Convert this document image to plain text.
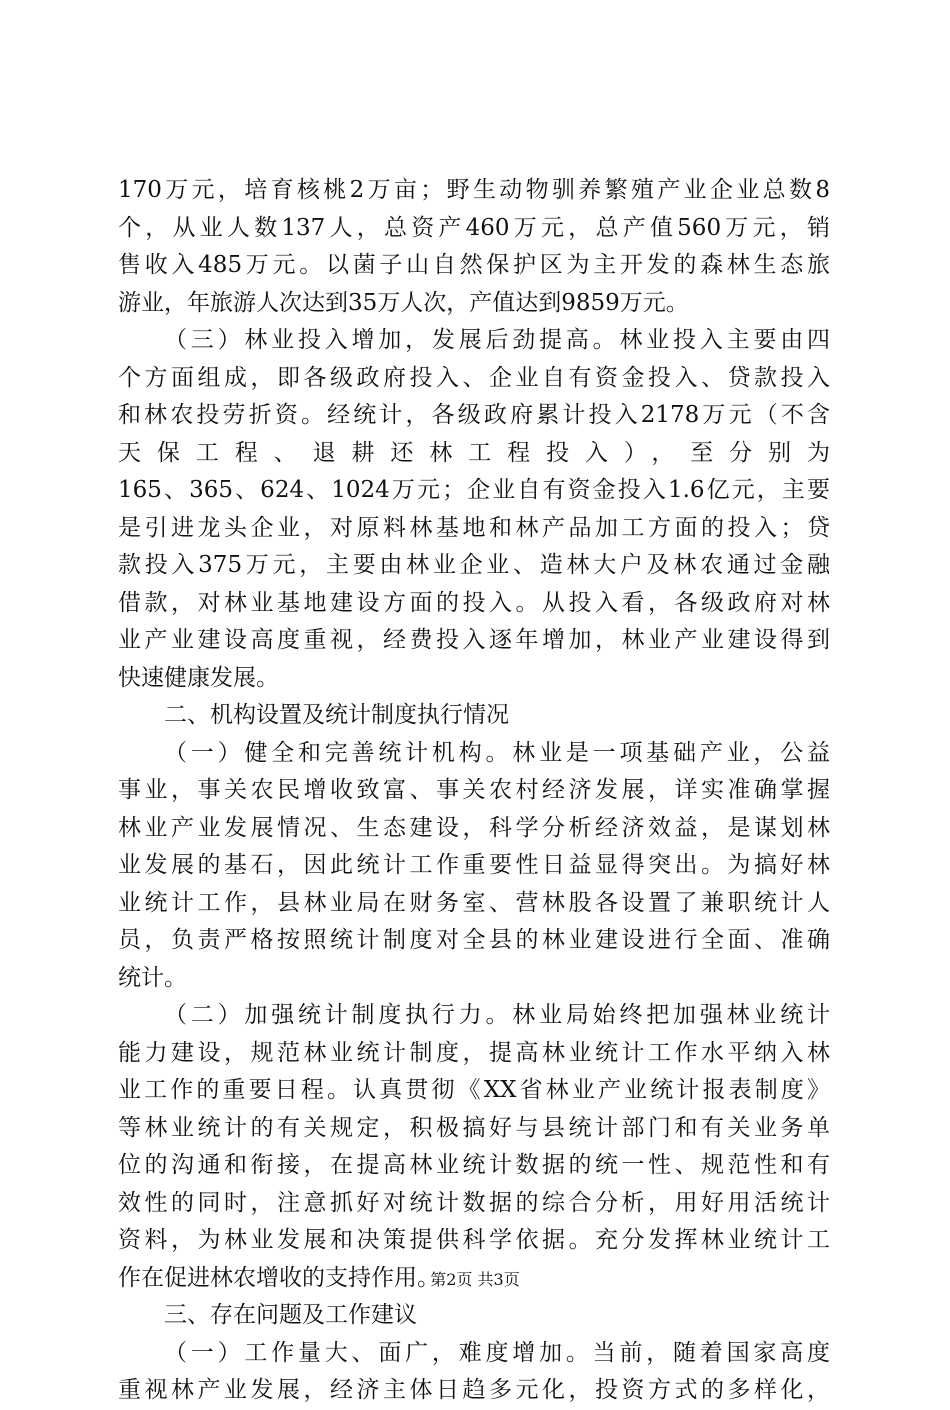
170万元，培育核桃2万亩；野生动物驯养繁殖产业企业总数8
个，从业人数137人，总资产460万元，总产值560万元，销
售收入485万元。以菌子山自然保护区为主开发的森林生态旅
游业，年旅游人次达到35万人次，产值达到9859万元。
（三）林业投入增加，发展后劲提高。林业投入主要由四
个方面组成，即各级政府投入、企业自有资金投入、贷款投入
和林农投劳折资。经统计，各级政府累计投入2178万元（不含
天保工程、退耕还林工程投入），至分别为
165、365、624、1024万元；企业自有资金投入1.6亿元，主要
是引进龙头企业，对原料林基地和林产品加工方面的投入；贷
款投入375万元，主要由林业企业、造林大户及林农通过金融
借款，对林业基地建设方面的投入。从投入看，各级政府对林
业产业建设高度重视，经费投入逐年增加，林业产业建设得到
快速健康发展。
二、机构设置及统计制度执行情况
（一）健全和完善统计机构。林业是一项基础产业，公益
事业，事关农民增收致富、事关农村经济发展，详实准确掌握
林业产业发展情况、生态建设，科学分析经济效益，是谋划林
业发展的基石，因此统计工作重要性日益显得突出。为搞好林
业统计工作，县林业局在财务室、营林股各设置了兼职统计人
员，负责严格按照统计制度对全县的林业建设进行全面、准确
统计。
（二）加强统计制度执行力。林业局始终把加强林业统计
能力建设，规范林业统计制度，提高林业统计工作水平纳入林
业工作的重要日程。认真贯彻《XX省林业产业统计报表制度》
等林业统计的有关规定，积极搞好与县统计部门和有关业务单
位的沟通和衔接，在提高林业统计数据的统一性、规范性和有
效性的同时，注意抓好对统计数据的综合分析，用好用活统计
资料，为林业发展和决策提供科学依据。充分发挥林业统计工
作在促进林农增收的支持作用。
三、存在问题及工作建议
（一）工作量大、面广，难度增加。当前，随着国家高度
重视林产业发展，经济主体日趋多元化，投资方式的多样化，
第2页 共3页
